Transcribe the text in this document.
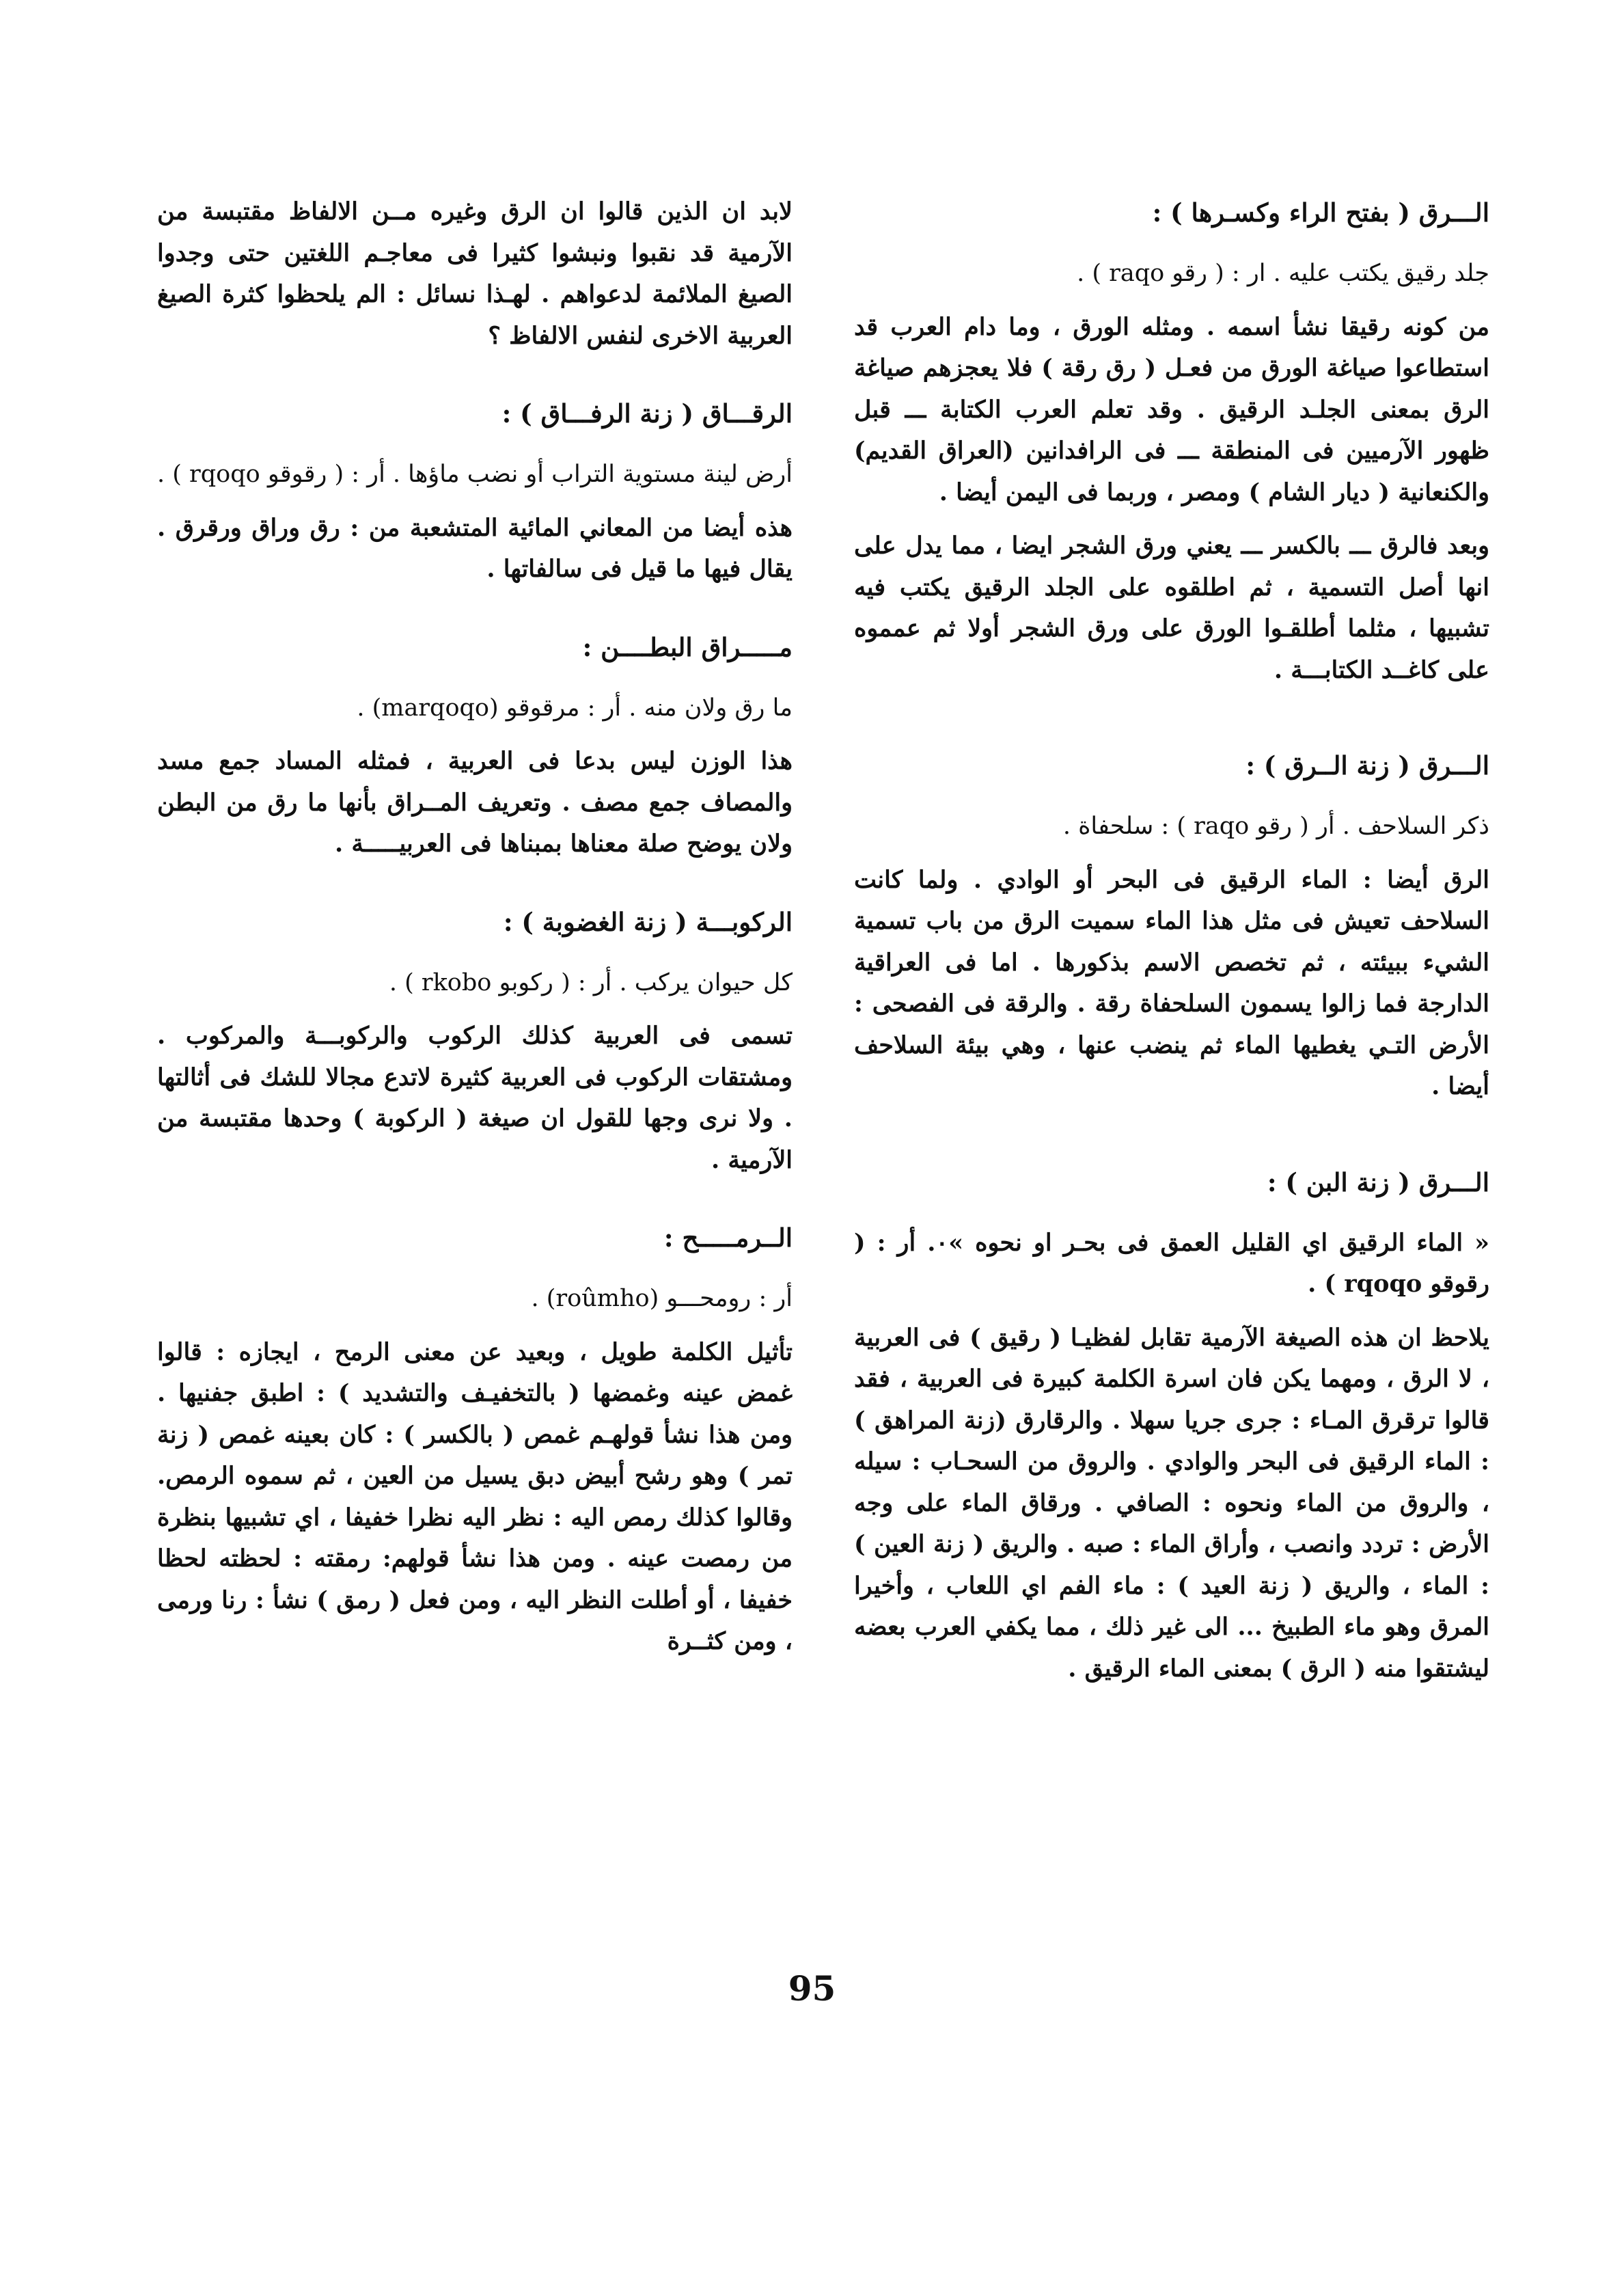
الـــرق ( بفتح الراء وكسـرها ) :
جلد رقيق يكتب عليه . ار : ( رقو raqo ) .
من كونه رقيقا نشأ اسمه . ومثله الورق ، وما دام العرب قد استطاعوا صياغة الورق من فعـل ( رق رقة ) فلا يعجزهم صياغة الرق بمعنى الجلـد الرقيق . وقد تعلم العرب الكتابة ـــ قبل ظهور الآرميين فى المنطقة ـــ فى الرافدانين (العراق القديم) والكنعانية ( ديار الشام ) ومصر ، وربما فى اليمن أيضا .
وبعد فالرق ـــ بالكسر ـــ يعني ورق الشجر ايضا ، مما يدل على انها أصل التسمية ، ثم اطلقوه على الجلد الرقيق يكتب فيه تشبيها ، مثلما أطلقـوا الورق على ورق الشجر أولا ثم عمموه على كاغــد الكتابـــة .
الـــرق ( زنة الــرق ) :
ذكر السلاحف . أر ( رقو raqo ) : سلحفاة .
الرق أيضا : الماء الرقيق فى البحر أو الوادي . ولما كانت السلاحف تعيش فى مثل هذا الماء سميت الرق من باب تسمية الشيء ببيئته ، ثم تخصص الاسم بذكورها . اما فى العراقية الدارجة فما زالوا يسمون السلحفاة رقة . والرقة فى الفصحى : الأرض التـي يغطيها الماء ثم ينضب عنها ، وهي بيئة السلاحف أيضا .
الـــرق ( زنة البن ) :
« الماء الرقيق اي القليل العمق فى بحـر او نحوه »٠. أر : ( رقوقو rqoqo ) .
يلاحظ ان هذه الصيغة الآرمية تقابل لفظيـا ( رقيق ) فى العربية ، لا الرق ، ومهما يكن فان اسرة الكلمة كبيرة فى العربية ، فقد قالوا ترقرق المـاء : جرى جريا سهلا . والرقارق (زنة المراهق ) : الماء الرقيق فى البحر والوادي . والروق من السحـاب : سيله ، والروق من الماء ونحوه : الصافي . ورقاق الماء على وجه الأرض : تردد وانصب ، وأراق الماء : صبه . والريق ( زنة العين ) : الماء ، والريق ( زنة العيد ) : ماء الفم اي اللعاب ، وأخيرا المرق وهو ماء الطبيخ ... الى غير ذلك ، مما يكفي العرب بعضه ليشتقوا منه ( الرق ) بمعنى الماء الرقيق .
لابد ان الذين قالوا ان الرق وغيره مــن الالفاظ مقتبسة من الآرمية قد نقبوا ونبشوا كثيرا فى معاجـم اللغتين حتى وجدوا الصيغ الملائمة لدعواهم . لهـذا نسائل : الم يلحظوا كثرة الصيغ العربية الاخرى لنفس الالفاظ ؟
الرقـــاق ( زنة الرفـــاق ) :
أرض لينة مستوية التراب أو نضب ماؤها . أر : ( رقوقو rqoqo ) .
هذه أيضا من المعاني المائية المتشعبة من : رق وراق ورقرق . يقال فيها ما قيل فى سالفاتها .
مـــــراق البطــــن :
ما رق ولان منه . أر : مرقوقو (marqoqo) .
هذا الوزن ليس بدعا فى العربية ، فمثله المساد جمع مسد والمصاف جمع مصف . وتعريف المــراق بأنها ما رق من البطن ولان يوضح صلة معناها بمبناها فى العربيـــــة .
الركوبـــة ( زنة الغضوبة ) :
كل حيوان يركب . أر : ( ركوبو rkobo ) .
تسمى فى العربية كذلك الركوب والركوبـــة والمركوب . ومشتقات الركوب فى العربية كثيرة لاتدع مجالا للشك فى أثالتها . ولا نرى وجها للقول ان صيغة ( الركوبة ) وحدها مقتبسة من الآرمية .
الــرمـــــح :
أر : رومحـــو (roûmho) .
تأثيل الكلمة طويل ، وبعيد عن معنى الرمح ، ايجازه : قالوا غمض عينه وغمضها ( بالتخفيـف والتشديد ) : اطبق جفنيها . ومن هذا نشأ قولهـم غمص ( بالكسر ) : كان بعينه غمص ( زنة تمر ) وهو رشح أبيض دبق يسيل من العين ، ثم سموه الرمص. وقالوا كذلك رمص اليه : نظر اليه نظرا خفيفا ، اي تشبيها بنظرة من رمصت عينه . ومن هذا نشأ قولهم: رمقته : لحظته لحظا خفيفا ، أو أطلت النظر اليه ، ومن فعل ( رمق ) نشأ : رنا ورمى ، ومن كثــرة
95
